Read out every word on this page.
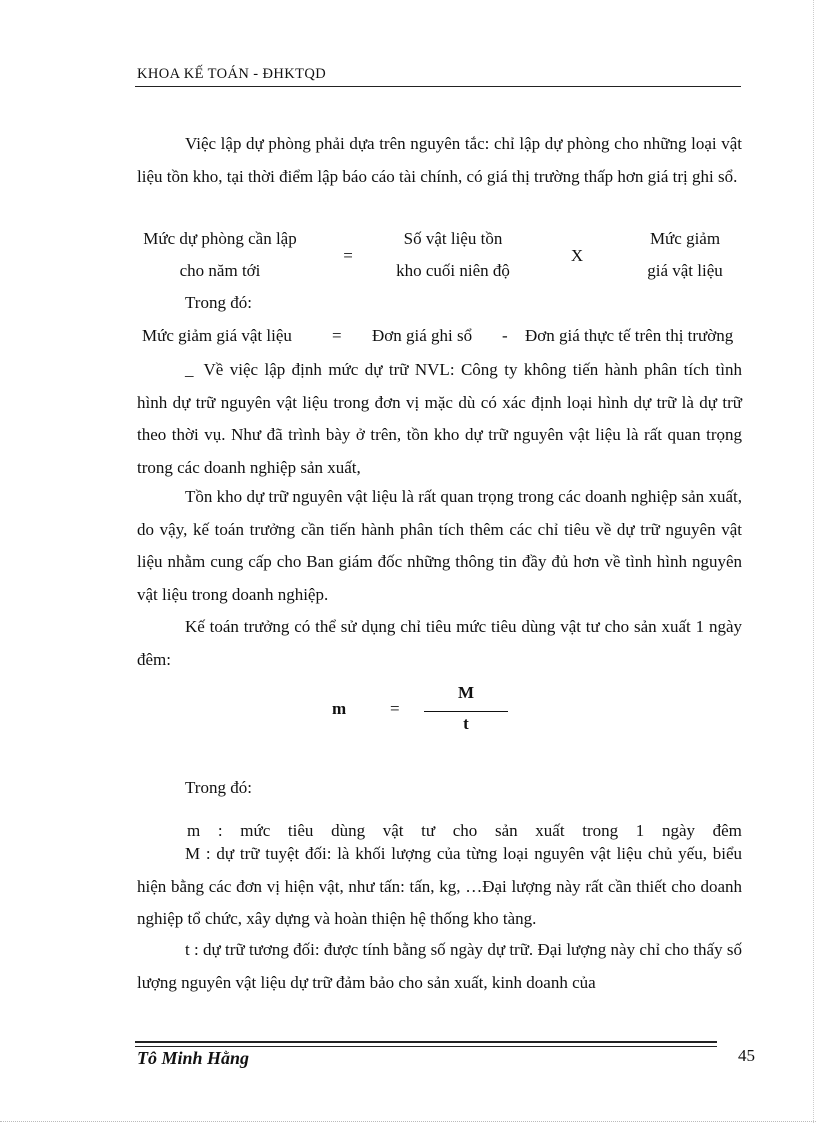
KHOA KẾ TOÁN - ĐHKTQD

Việc lập dự phòng phải dựa trên nguyên tắc: chỉ lập dự phòng cho những loại vật liệu tồn kho, tại thời điểm lập báo cáo tài chính, có giá thị trường thấp hơn giá trị ghi sổ.

Mức dự phòng cần lập
cho năm tới
=
Số vật liệu tồn
kho cuối niên độ
X
Mức giảm
giá vật liệu
Trong đó:
Mức giảm giá vật liệu = Đơn giá ghi sổ - Đơn giá thực tế trên thị trường

_ Về việc lập định mức dự trữ NVL: Công ty không tiến hành phân tích tình hình dự trữ nguyên vật liệu trong đơn vị mặc dù có xác định loại hình dự trữ là dự trữ theo thời vụ. Như đã trình bày ở trên, tồn kho dự trữ nguyên vật liệu là rất quan trọng trong các doanh nghiệp sản xuất,

Tồn kho dự trữ nguyên vật liệu là rất quan trọng trong các doanh nghiệp sản xuất, do vậy, kế toán trưởng cần tiến hành phân tích thêm các chỉ tiêu về dự trữ nguyên vật liệu nhằm cung cấp cho Ban giám đốc những thông tin đầy đủ hơn về tình hình nguyên vật liệu trong doanh nghiệp.

Kế toán trưởng có thể sử dụng chỉ tiêu mức tiêu dùng vật tư cho sản xuất 1 ngày đêm:

m	=
M
t
Trong đó:
m : mức tiêu dùng vật tư cho sản xuất trong 1 ngày đêm

M : dự trữ tuyệt đối: là khối lượng của từng loại nguyên vật liệu chủ yếu, biểu hiện bằng các đơn vị hiện vật, như tấn: tấn, kg, …Đại lượng này rất cần thiết cho doanh nghiệp tổ chức, xây dựng và hoàn thiện hệ thống kho tàng.

t : dự trữ tương đối: được tính bằng số ngày dự trữ. Đại lượng này chỉ cho thấy số lượng nguyên vật liệu dự trữ đảm bảo cho sản xuất, kinh doanh của

Tô Minh Hằng	45
